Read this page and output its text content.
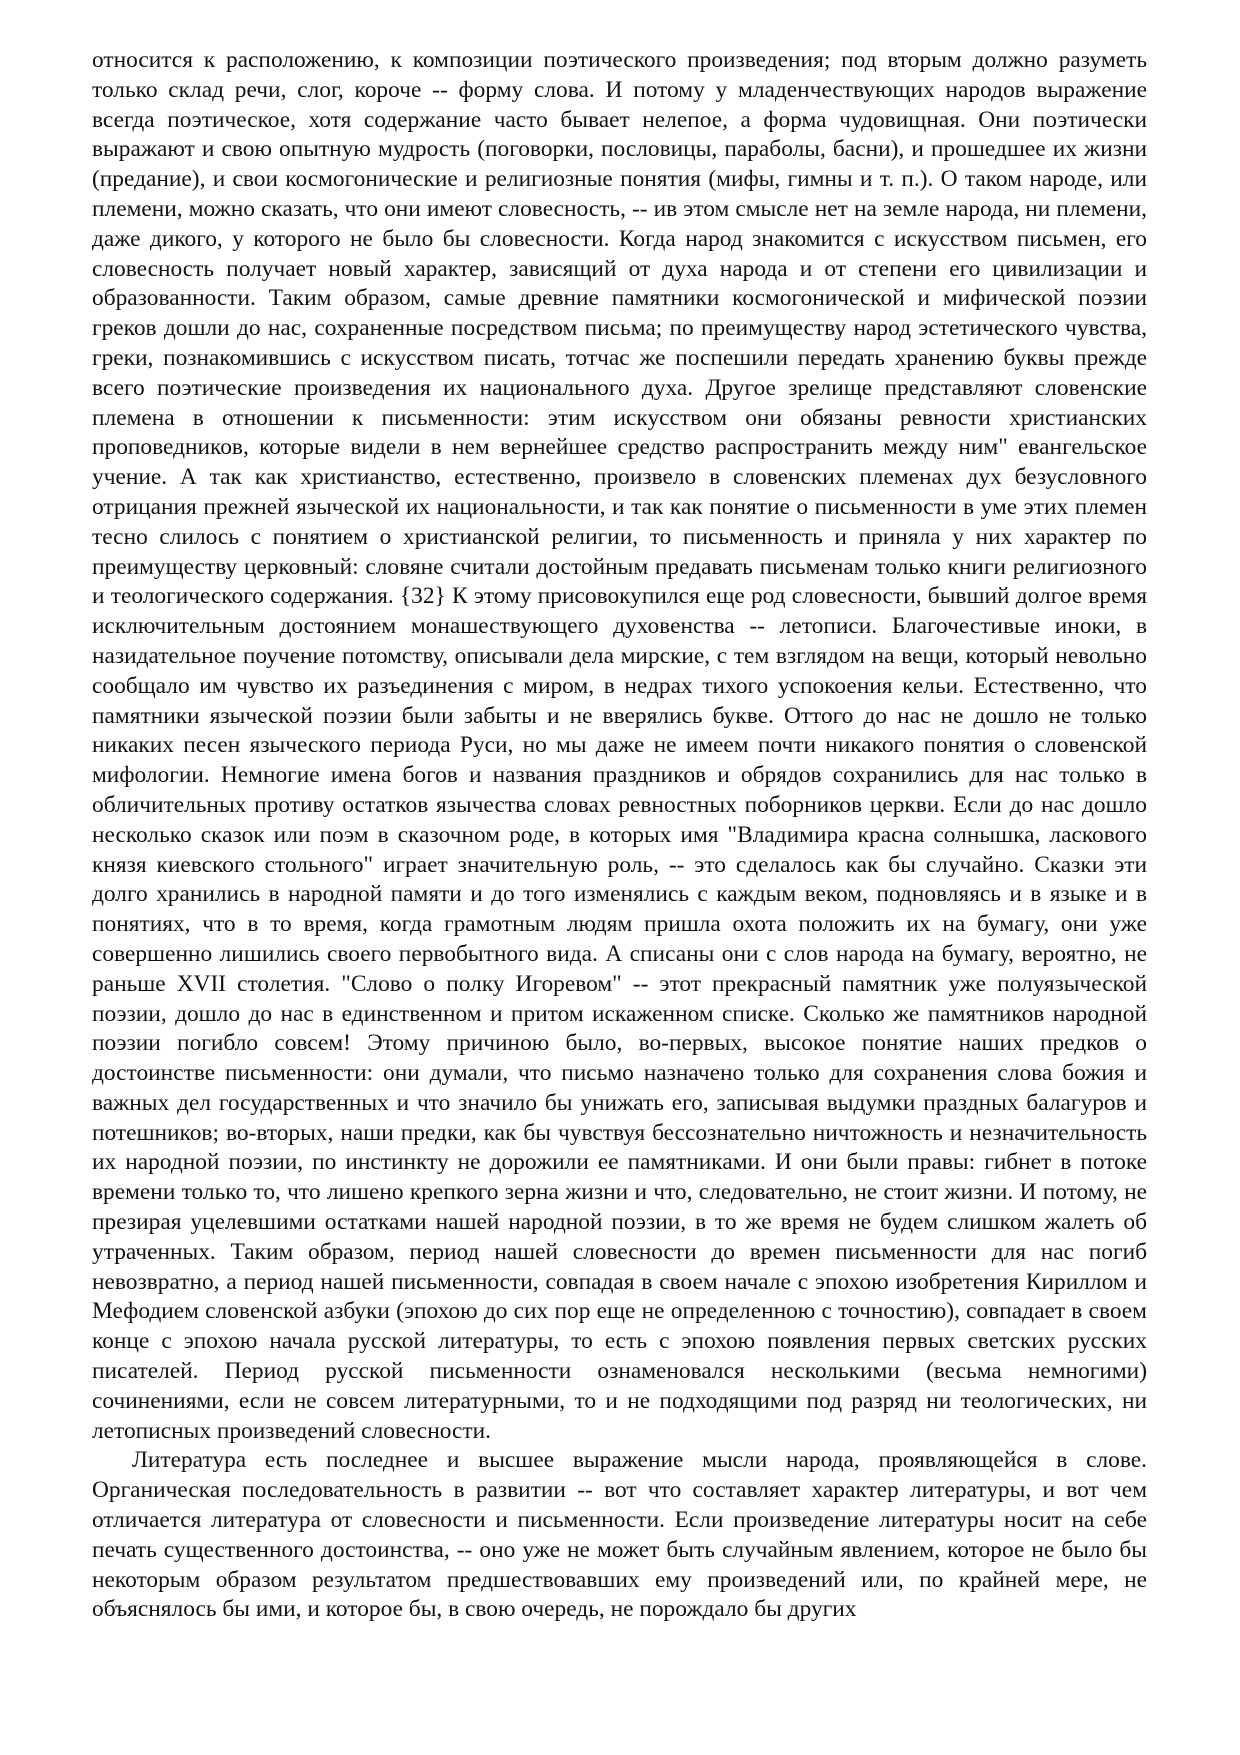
относится к расположению, к композиции поэтического произведения; под вторым должно разуметь только склад речи, слог, короче -- форму слова. И потому у младенчествующих народов выражение всегда поэтическое, хотя содержание часто бывает нелепое, а форма чудовищная. Они поэтически выражают и свою опытную мудрость (поговорки, пословицы, параболы, басни), и прошедшее их жизни (предание), и свои космогонические и религиозные понятия (мифы, гимны и т. п.). О таком народе, или племени, можно сказать, что они имеют словесность, -- ив этом смысле нет на земле народа, ни племени, даже дикого, у которого не было бы словесности. Когда народ знакомится с искусством письмен, его словесность получает новый характер, зависящий от духа народа и от степени его цивилизации и образованности. Таким образом, самые древние памятники космогонической и мифической поэзии греков дошли до нас, сохраненные посредством письма; по преимуществу народ эстетического чувства, греки, познакомившись с искусством писать, тотчас же поспешили передать хранению буквы прежде всего поэтические произведения их национального духа. Другое зрелище представляют словенские племена в отношении к письменности: этим искусством они обязаны ревности христианских проповедников, которые видели в нем вернейшее средство распространить между ним" евангельское учение. А так как христианство, естественно, произвело в словенских племенах дух безусловного отрицания прежней языческой их национальности, и так как понятие о письменности в уме этих племен тесно слилось с понятием о христианской религии, то письменность и приняла у них характер по преимуществу церковный: словяне считали достойным предавать письменам только книги религиозного и теологического содержания. {32} К этому присовокупился еще род словесности, бывший долгое время исключительным достоянием монашествующего духовенства -- летописи. Благочестивые иноки, в назидательное поучение потомству, описывали дела мирские, с тем взглядом на вещи, который невольно сообщало им чувство их разъединения с миром, в недрах тихого успокоения кельи. Естественно, что памятники языческой поэзии были забыты и не вверялись букве. Оттого до нас не дошло не только никаких песен языческого периода Руси, но мы даже не имеем почти никакого понятия о словенской мифологии. Немногие имена богов и названия праздников и обрядов сохранились для нас только в обличительных противу остатков язычества словах ревностных поборников церкви. Если до нас дошло несколько сказок или поэм в сказочном роде, в которых имя "Владимира красна солнышка, ласкового князя киевского стольного" играет значительную роль, -- это сделалось как бы случайно. Сказки эти долго хранились в народной памяти и до того изменялись с каждым веком, подновляясь и в языке и в понятиях, что в то время, когда грамотным людям пришла охота положить их на бумагу, они уже совершенно лишились своего первобытного вида. А списаны они с слов народа на бумагу, вероятно, не раньше XVII столетия. "Слово о полку Игоревом" -- этот прекрасный памятник уже полуязыческой поэзии, дошло до нас в единственном и притом искаженном списке. Сколько же памятников народной поэзии погибло совсем! Этому причиною было, во-первых, высокое понятие наших предков о достоинстве письменности: они думали, что письмо назначено только для сохранения слова божия и важных дел государственных и что значило бы унижать его, записывая выдумки праздных балагуров и потешников; во-вторых, наши предки, как бы чувствуя бессознательно ничтожность и незначительность их народной поэзии, по инстинкту не дорожили ее памятниками. И они были правы: гибнет в потоке времени только то, что лишено крепкого зерна жизни и что, следовательно, не стоит жизни. И потому, не презирая уцелевшими остатками нашей народной поэзии, в то же время не будем слишком жалеть об утраченных. Таким образом, период нашей словесности до времен письменности для нас погиб невозвратно, а период нашей письменности, совпадая в своем начале с эпохою изобретения Кириллом и Мефодием словенской азбуки (эпохою до сих пор еще не определенною с точностию), совпадает в своем конце с эпохою начала русской литературы, то есть с эпохою появления первых светских русских писателей. Период русской письменности ознаменовался несколькими (весьма немногими) сочинениями, если не совсем литературными, то и не подходящими под разряд ни теологических, ни летописных произведений словесности.

Литература есть последнее и высшее выражение мысли народа, проявляющейся в слове. Органическая последовательность в развитии -- вот что составляет характер литературы, и вот чем отличается литература от словесности и письменности. Если произведение литературы носит на себе печать существенного достоинства, -- оно уже не может быть случайным явлением, которое не было бы некоторым образом результатом предшествовавших ему произведений или, по крайней мере, не объяснялось бы ими, и которое бы, в свою очередь, не порождало бы других
